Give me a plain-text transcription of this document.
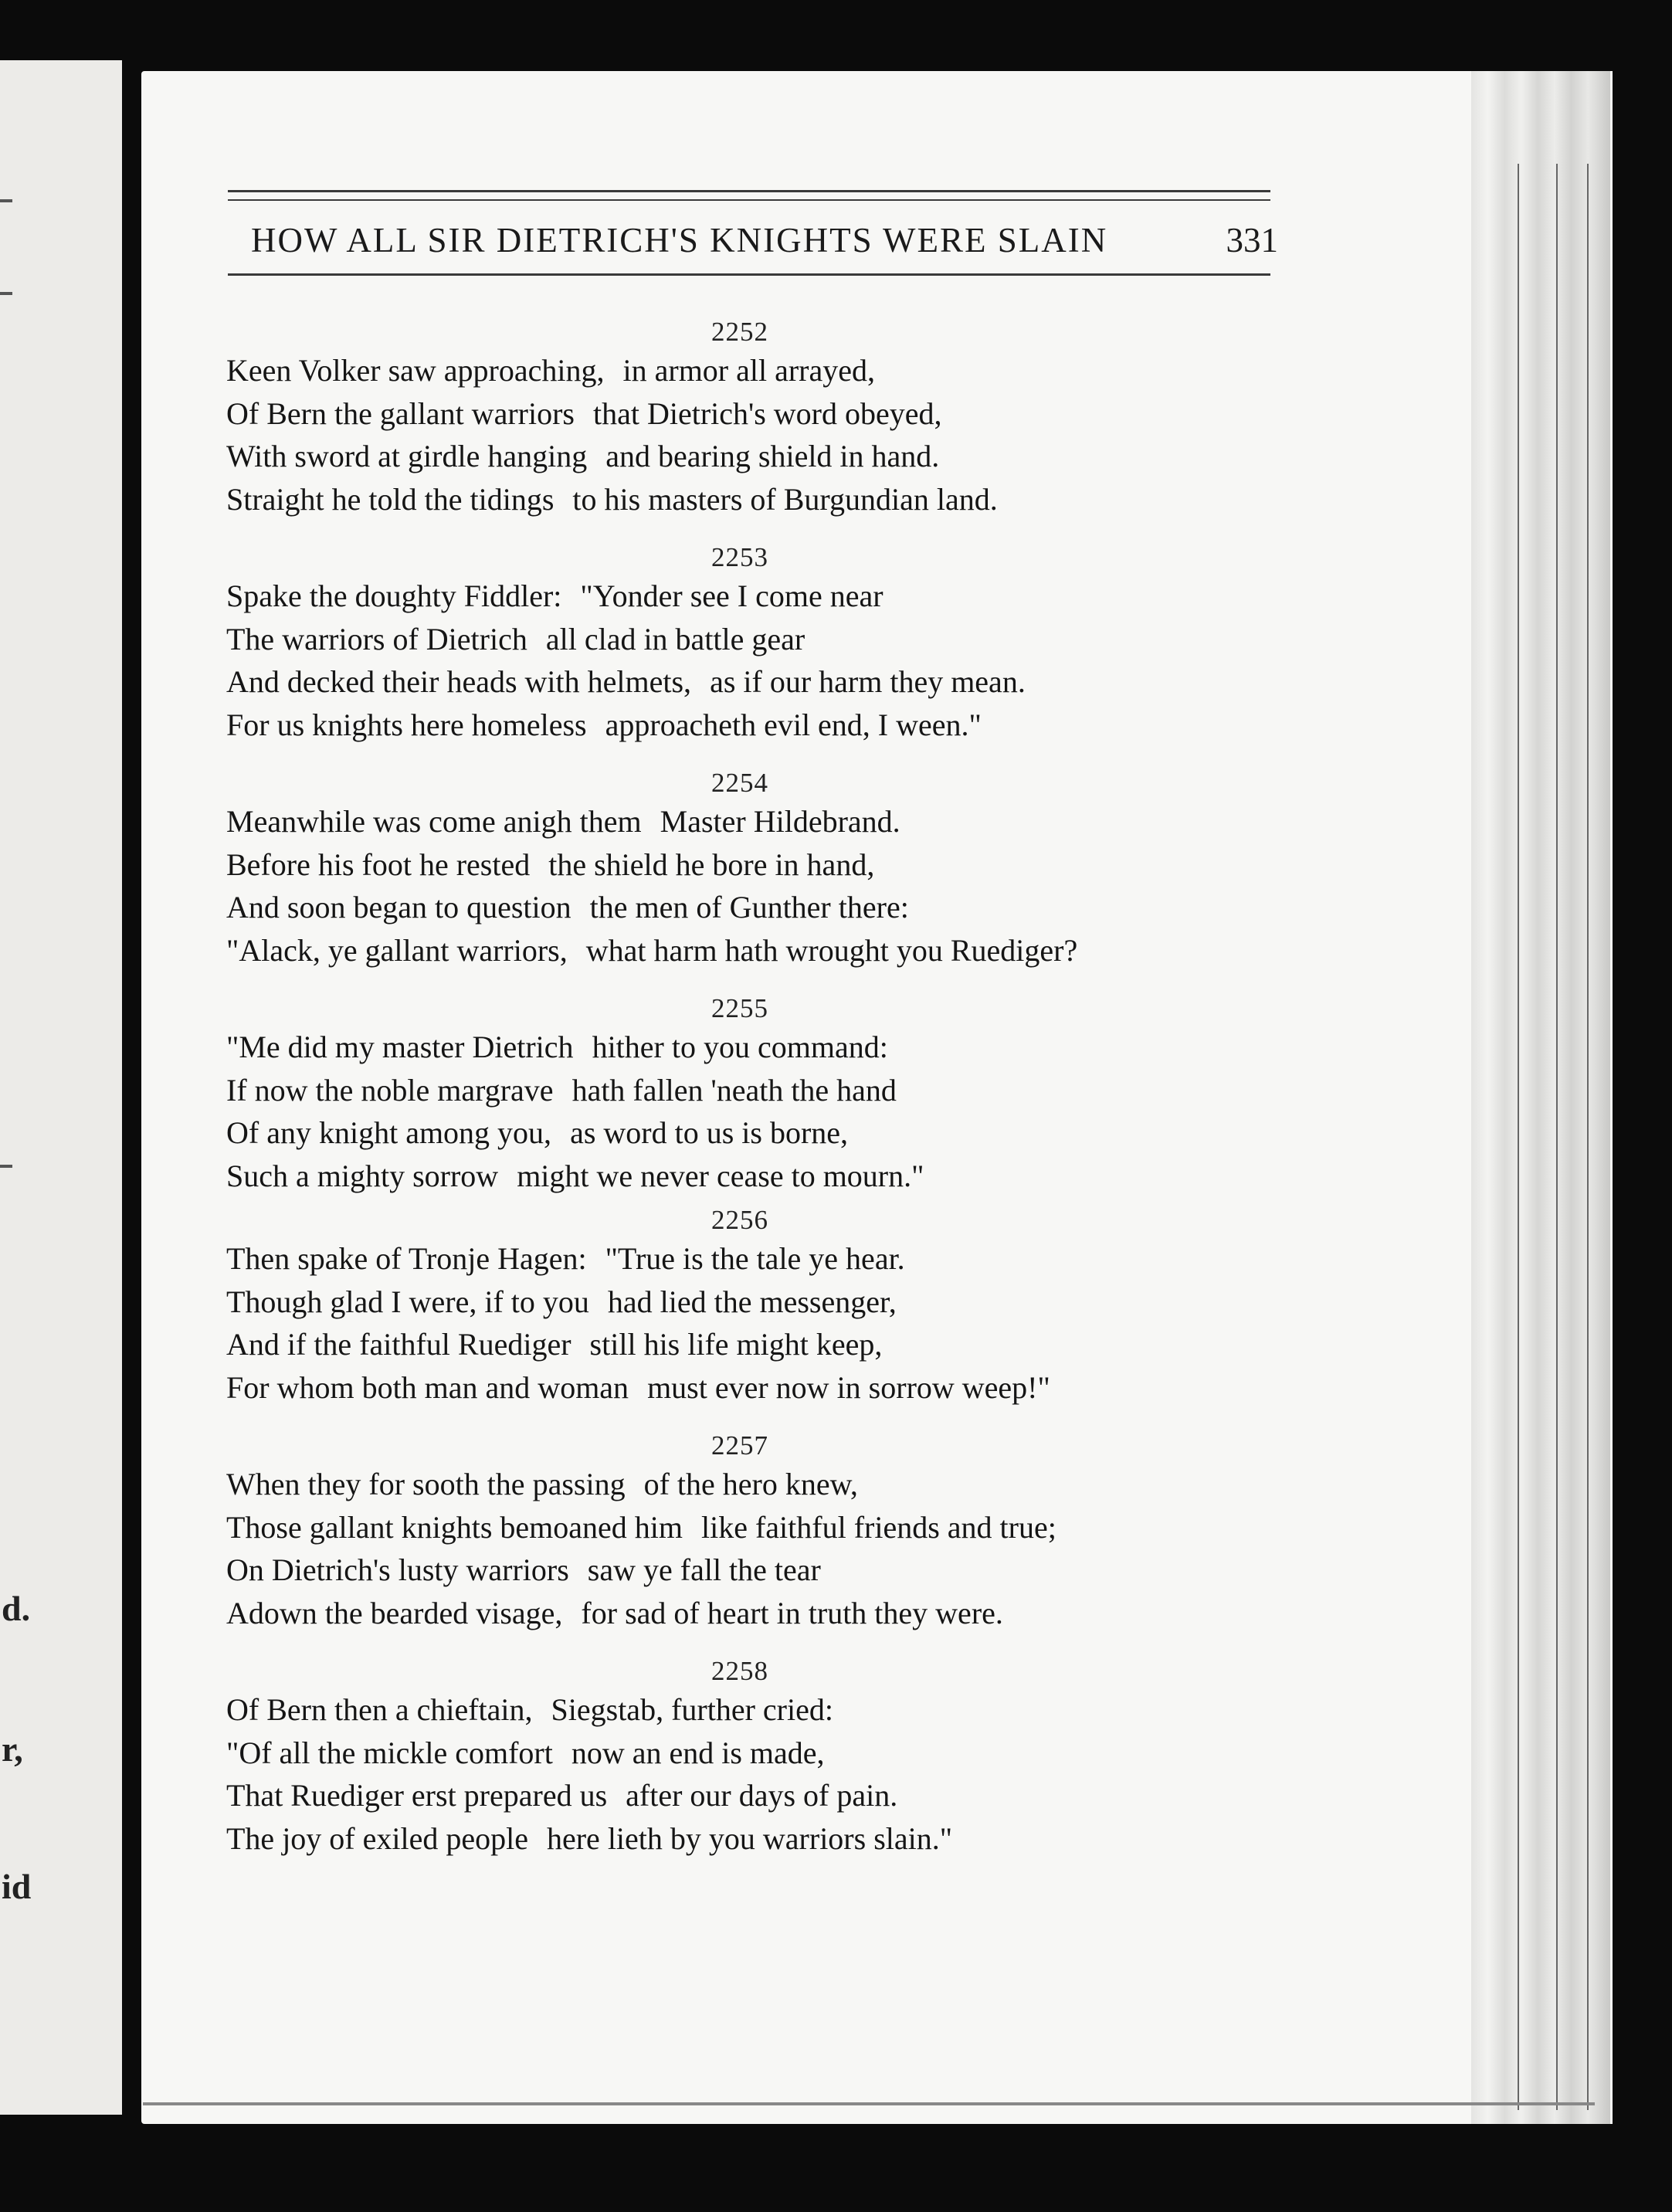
d.
r,
id
HOW ALL SIR DIETRICH'S KNIGHTS WERE SLAIN	331
2252
Keen Volker saw approaching, in armor all arrayed,
Of Bern the gallant warriors that Dietrich's word obeyed,
With sword at girdle hanging and bearing shield in hand.
Straight he told the tidings to his masters of Burgundian land.
2253
Spake the doughty Fiddler: "Yonder see I come near
The warriors of Dietrich all clad in battle gear
And decked their heads with helmets, as if our harm they mean.
For us knights here homeless approacheth evil end, I ween."
2254
Meanwhile was come anigh them Master Hildebrand.
Before his foot he rested the shield he bore in hand,
And soon began to question the men of Gunther there:
"Alack, ye gallant warriors, what harm hath wrought you Ruediger?
2255
"Me did my master Dietrich hither to you command:
If now the noble margrave hath fallen 'neath the hand
Of any knight among you, as word to us is borne,
Such a mighty sorrow might we never cease to mourn."
2256
Then spake of Tronje Hagen: "True is the tale ye hear.
Though glad I were, if to you had lied the messenger,
And if the faithful Ruediger still his life might keep,
For whom both man and woman must ever now in sorrow weep!"
2257
When they for sooth the passing of the hero knew,
Those gallant knights bemoaned him like faithful friends and true;
On Dietrich's lusty warriors saw ye fall the tear
Adown the bearded visage, for sad of heart in truth they were.
2258
Of Bern then a chieftain, Siegstab, further cried:
"Of all the mickle comfort now an end is made,
That Ruediger erst prepared us after our days of pain.
The joy of exiled people here lieth by you warriors slain."
